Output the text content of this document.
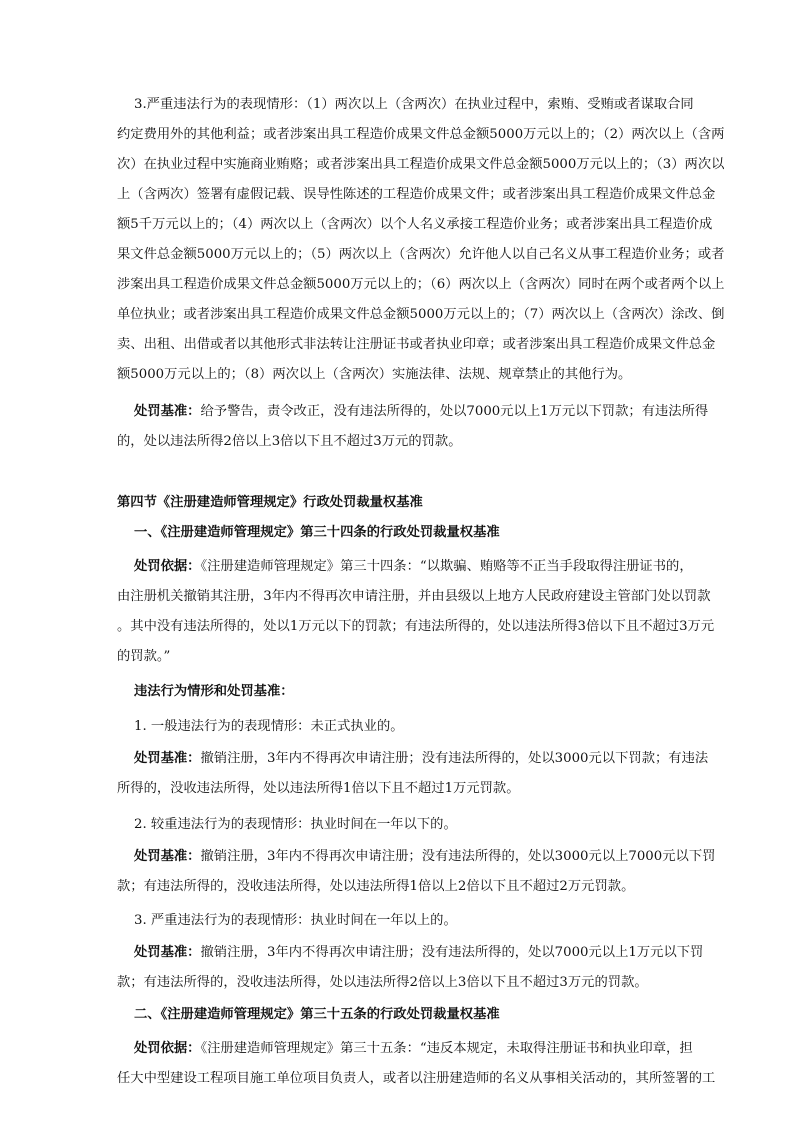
3.严重违法行为的表现情形：（1）两次以上（含两次）在执业过程中，索贿、受贿或者谋取合同
约定费用外的其他利益；或者涉案出具工程造价成果文件总金额5000万元以上的；（2）两次以上（含两
次）在执业过程中实施商业贿赂；或者涉案出具工程造价成果文件总金额5000万元以上的；（3）两次以
上（含两次）签署有虚假记载、误导性陈述的工程造价成果文件；或者涉案出具工程造价成果文件总金
额5千万元以上的；（4）两次以上（含两次）以个人名义承接工程造价业务；或者涉案出具工程造价成
果文件总金额5000万元以上的；（5）两次以上（含两次）允许他人以自己名义从事工程造价业务；或者
涉案出具工程造价成果文件总金额5000万元以上的；（6）两次以上（含两次）同时在两个或者两个以上
单位执业；或者涉案出具工程造价成果文件总金额5000万元以上的；（7）两次以上（含两次）涂改、倒
卖、出租、出借或者以其他形式非法转让注册证书或者执业印章；或者涉案出具工程造价成果文件总金
额5000万元以上的；（8）两次以上（含两次）实施法律、法规、规章禁止的其他行为。
处罚基准：给予警告，责令改正，没有违法所得的，处以7000元以上1万元以下罚款；有违法所得
的，处以违法所得2倍以上3倍以下且不超过3万元的罚款。
第四节《注册建造师管理规定》行政处罚裁量权基准
一、《注册建造师管理规定》第三十四条的行政处罚裁量权基准
处罚依据：《注册建造师管理规定》第三十四条：“以欺骗、贿赂等不正当手段取得注册证书的，
由注册机关撤销其注册，3年内不得再次申请注册，并由县级以上地方人民政府建设主管部门处以罚款
。其中没有违法所得的，处以1万元以下的罚款；有违法所得的，处以违法所得3倍以下且不超过3万元
的罚款。”
违法行为情形和处罚基准：
1. 一般违法行为的表现情形：未正式执业的。
处罚基准：撤销注册，3年内不得再次申请注册；没有违法所得的，处以3000元以下罚款；有违法
所得的，没收违法所得，处以违法所得1倍以下且不超过1万元罚款。
2. 较重违法行为的表现情形：执业时间在一年以下的。
处罚基准：撤销注册，3年内不得再次申请注册；没有违法所得的，处以3000元以上7000元以下罚
款；有违法所得的，没收违法所得，处以违法所得1倍以上2倍以下且不超过2万元罚款。
3. 严重违法行为的表现情形：执业时间在一年以上的。
处罚基准：撤销注册，3年内不得再次申请注册；没有违法所得的，处以7000元以上1万元以下罚
款；有违法所得的，没收违法所得，处以违法所得2倍以上3倍以下且不超过3万元的罚款。
二、《注册建造师管理规定》第三十五条的行政处罚裁量权基准
处罚依据：《注册建造师管理规定》第三十五条：“违反本规定，未取得注册证书和执业印章，担
任大中型建设工程项目施工单位项目负责人，或者以注册建造师的名义从事相关活动的，其所签署的工
